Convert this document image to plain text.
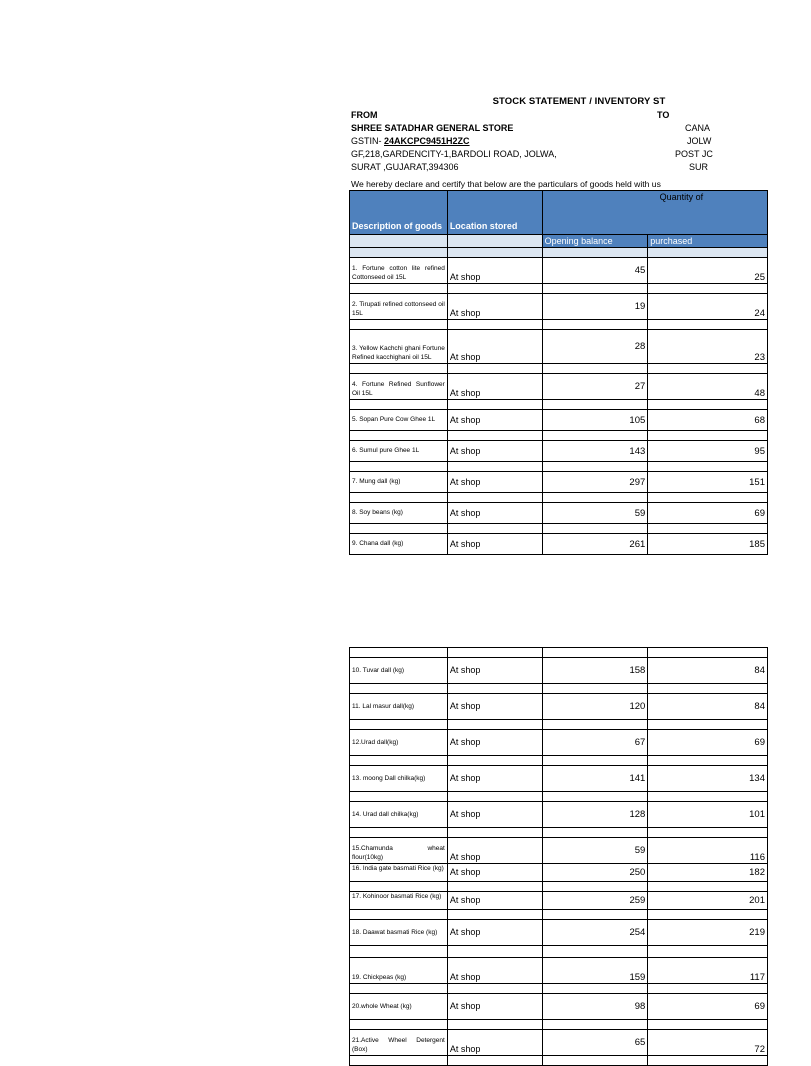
STOCK STATEMENT / INVENTORY ST
FROM	TO
SHREE SATADHAR GENERAL STORE	CANA
GSTIN- 24AKCPC9451H2ZC	JOLW
GF,218,GARDENCITY-1,BARDOLI ROAD, JOLWA,	POST JC
SURAT ,GUJARAT,394306	SUR
We hereby declare and certify that below are the particulars of goods held with us
Description of goods	Location stored	Quantity of	

		Opening balance	purchased

1. Fortune cotton lite refined Cottonseed oil 15L	At shop	45	25

2. Tirupati refined cottonseed oil 15L	At shop	19	24

3. Yellow Kachchi ghani Fortune Refined kacchighani oil 15L	At shop	28	23

4. Fortune Refined Sunflower Oil 15L	At shop	27	48

5. Sopan Pure Cow Ghee 1L	At shop	105	68

6. Sumul pure Ghee 1L	At shop	143	95

7. Mung dall (kg)	At shop	297	151

8. Soy beans (kg)	At shop	59	69

9. Chana dall (kg)	At shop	261	185

10. Tuvar dall (kg)	At shop	158	84

11. Lal masur dall(kg)	At shop	120	84

12.Urad dall(kg)	At shop	67	69

13. moong Dall chilka(kg)	At shop	141	134

14. Urad dall chilka(kg)	At shop	128	101

15.Chamunda wheat flour(10kg)	At shop	59	116
16. India gate basmati Rice (kg)	At shop	250	182

17. Kohinoor basmati Rice (kg)	At shop	259	201

18. Daawat basmati Rice (kg)	At shop	254	219

19. Chickpeas (kg)	At shop	159	117

20.whole Wheat (kg)	At shop	98	69

21.Active Wheel Detergent (Box)	At shop	65	72
